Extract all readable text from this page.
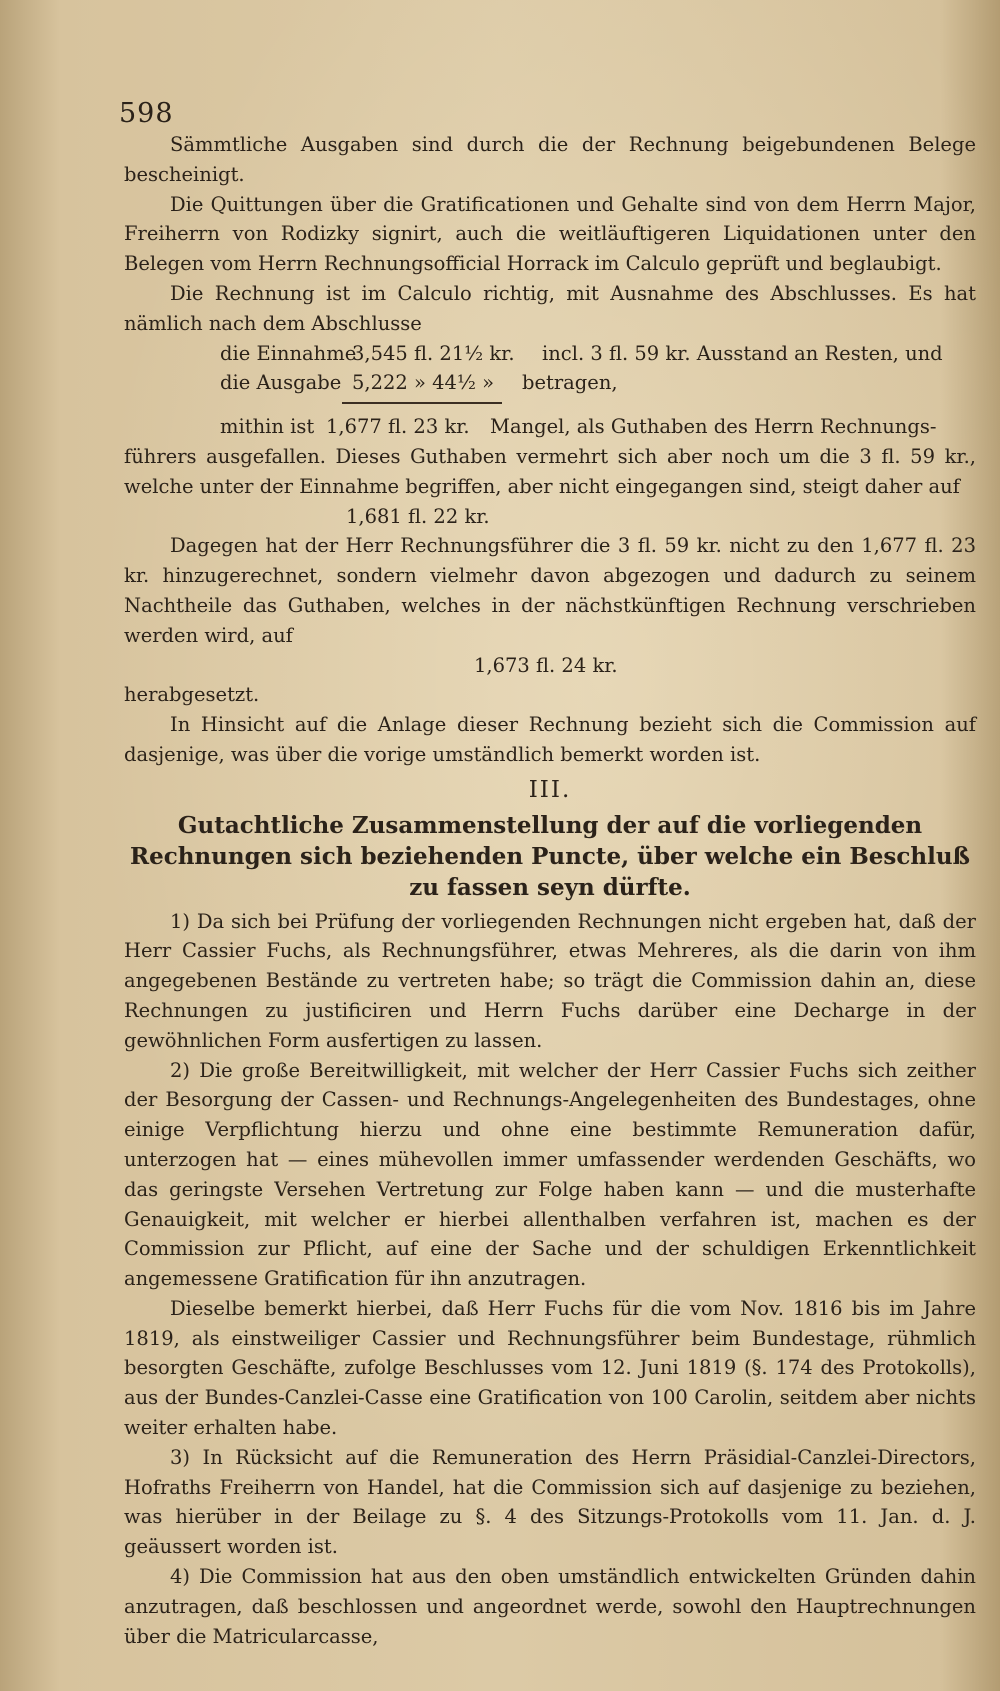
598

Sämmtliche Ausgaben sind durch die der Rechnung beigebundenen Belege bescheinigt.

Die Quittungen über die Gratificationen und Gehalte sind von dem Herrn Major, Freiherrn von Rodizky signirt, auch die weitläuftigeren Liquidationen unter den Belegen vom Herrn Rechnungsofficial Horrack im Calculo geprüft und beglaubigt.

Die Rechnung ist im Calculo richtig, mit Ausnahme des Abschlusses. Es hat nämlich nach dem Abschlusse

die Einnahme
3,545 fl. 21½ kr. incl. 3 fl. 59 kr. Ausstand an Resten, und
die Ausgabe 5,222 » 44½ » betragen,
mithin ist 1,677 fl. 23 kr. Mangel, als Guthaben des Herrn Rechnungs-

führers ausgefallen. Dieses Guthaben vermehrt sich aber noch um die 3 fl. 59 kr., welche unter der Einnahme begriffen, aber nicht eingegangen sind, steigt daher auf

1,681 fl. 22 kr.

Dagegen hat der Herr Rechnungsführer die 3 fl. 59 kr. nicht zu den 1,677 fl. 23 kr. hinzugerechnet, sondern vielmehr davon abgezogen und dadurch zu seinem Nachtheile das Guthaben, welches in der nächstkünftigen Rechnung verschrieben werden wird, auf

1,673 fl. 24 kr.

herabgesetzt.

In Hinsicht auf die Anlage dieser Rechnung bezieht sich die Commission auf dasjenige, was über die vorige umständlich bemerkt worden ist.

III.
Gutachtliche Zusammenstellung der auf die vorliegenden Rechnungen sich beziehenden Puncte, über welche ein Beschluß zu fassen seyn dürfte.

1) Da sich bei Prüfung der vorliegenden Rechnungen nicht ergeben hat, daß der Herr Cassier Fuchs, als Rechnungsführer, etwas Mehreres, als die darin von ihm angegebenen Bestände zu vertreten habe; so trägt die Commission dahin an, diese Rechnungen zu justificiren und Herrn Fuchs darüber eine Decharge in der gewöhnlichen Form ausfertigen zu lassen.

2) Die große Bereitwilligkeit, mit welcher der Herr Cassier Fuchs sich zeither der Besorgung der Cassen- und Rechnungs-Angelegenheiten des Bundestages, ohne einige Verpflichtung hierzu und ohne eine bestimmte Remuneration dafür, unterzogen hat — eines mühevollen immer umfassender werdenden Geschäfts, wo das geringste Versehen Vertretung zur Folge haben kann — und die musterhafte Genauigkeit, mit welcher er hierbei allenthalben verfahren ist, machen es der Commission zur Pflicht, auf eine der Sache und der schuldigen Erkenntlichkeit angemessene Gratification für ihn anzutragen.

Dieselbe bemerkt hierbei, daß Herr Fuchs für die vom Nov. 1816 bis im Jahre 1819, als einstweiliger Cassier und Rechnungsführer beim Bundestage, rühmlich besorgten Geschäfte, zufolge Beschlusses vom 12. Juni 1819 (§. 174 des Protokolls), aus der Bundes-Canzlei-Casse eine Gratification von 100 Carolin, seitdem aber nichts weiter erhalten habe.

3) In Rücksicht auf die Remuneration des Herrn Präsidial-Canzlei-Directors, Hofraths Freiherrn von Handel, hat die Commission sich auf dasjenige zu beziehen, was hierüber in der Beilage zu §. 4 des Sitzungs-Protokolls vom 11. Jan. d. J. geäussert worden ist.

4) Die Commission hat aus den oben umständlich entwickelten Gründen dahin anzutragen, daß beschlossen und angeordnet werde, sowohl den Hauptrechnungen über die Matricularcasse,
